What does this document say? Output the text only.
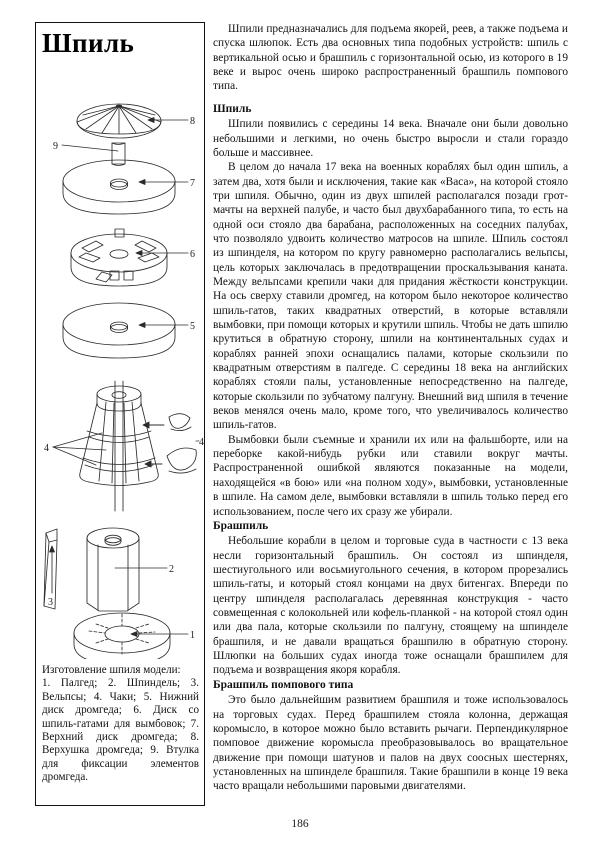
Шпиль
8
9
7
6
5
4
4
3
2
1

Изготовление шпиля модели:

1. Палгед; 2. Шпиндель; 3. Вельпсы; 4. Чаки; 5. Нижний диск дромгеда; 6. Диск со шпиль-гатами для вымбовок; 7. Верхний диск дромгеда; 8. Верхушка дромгеда; 9. Втулка для фиксации элементов дромгеда.

Шпили предназначались для подъема якорей, реев, а также подъема и спуска шлюпок. Есть два основных типа подобных устройств: шпиль с вертикальной осью и брашпиль с горизонтальной осью, из которого в 19 веке и вырос очень широко распространенный брашпиль помпового типа.

Шпиль

Шпили появились с середины 14 века. Вначале они были довольно небольшими и легкими, но очень быстро выросли и стали гораздо больше и массивнее.

В целом до начала 17 века на военных кораблях был один шпиль, а затем два, хотя были и исключения, такие как «Васа», на которой стояло три шпиля. Обычно, один из двух шпилей располагался позади грот-мачты на верхней палубе, и часто был двухбарабанного типа, то есть на одной оси стояло два барабана, расположенных на соседних палубах, что позволяло удвоить количество матросов на шпиле. Шпиль состоял из шпинделя, на котором по кругу равномерно располагались вельпсы, цель которых заключалась в предотвращении проскальзывания каната. Между вельпсами крепили чаки для придания жёсткости конструкции. На ось сверху ставили дромгед, на котором было некоторое количество шпиль-гатов, таких квадратных отверстий, в которые вставляли вымбовки, при помощи которых и крутили шпиль. Чтобы не дать шпилю крутиться в обратную сторону, шпили на континентальных судах и кораблях ранней эпохи оснащались палами, которые скользили по квадратным отверстиям в палгеде. С середины 18 века на английских кораблях стояли палы, установленные непосредственно на палгеде, которые скользили по зубчатому палгуну. Внешний вид шпиля в течение веков менялся очень мало, кроме того, что увеличивалось количество шпиль-гатов.

Вымбовки были съемные и хранили их или на фальшборте, или на переборке какой-нибудь рубки или ставили вокруг мачты. Распространенной ошибкой являются показанные на модели, находящейся «в бою» или «на полном ходу», вымбовки, установленные в шпиле. На самом деле, вымбовки вставляли в шпиль только перед его использованием, после чего их сразу же убирали.

Брашпиль

Небольшие корабли в целом и торговые суда в частности с 13 века несли горизонтальный брашпиль. Он состоял из шпинделя, шестиугольного или восьмиугольного сечения, в котором прорезались шпиль-гаты, и который стоял концами на двух битенгах. Впереди по центру шпинделя располагалась деревянная конструкция - часто совмещенная с колокольней или кофель-планкой - на которой стоял один или два пала, которые скользили по палгуну, стоящему на шпинделе брашпиля, и не давали вращаться брашпилю в обратную сторону. Шлюпки на больших судах иногда тоже оснащали брашпилем для подъема и возвращения якоря корабля.

Брашпиль помпового типа

Это было дальнейшим развитием брашпиля и тоже использовалось на торговых судах. Перед брашпилем стояла колонна, держащая коромысло, в которое можно было вставить рычаги. Перпендикулярное помповое движение коромысла преобразовывалось во вращательное движение при помощи шатунов и палов на двух соосных шестернях, установленных на шпинделе брашпиля. Такие брашпили в конце 19 века часто вращали небольшими паровыми двигателями.

186
